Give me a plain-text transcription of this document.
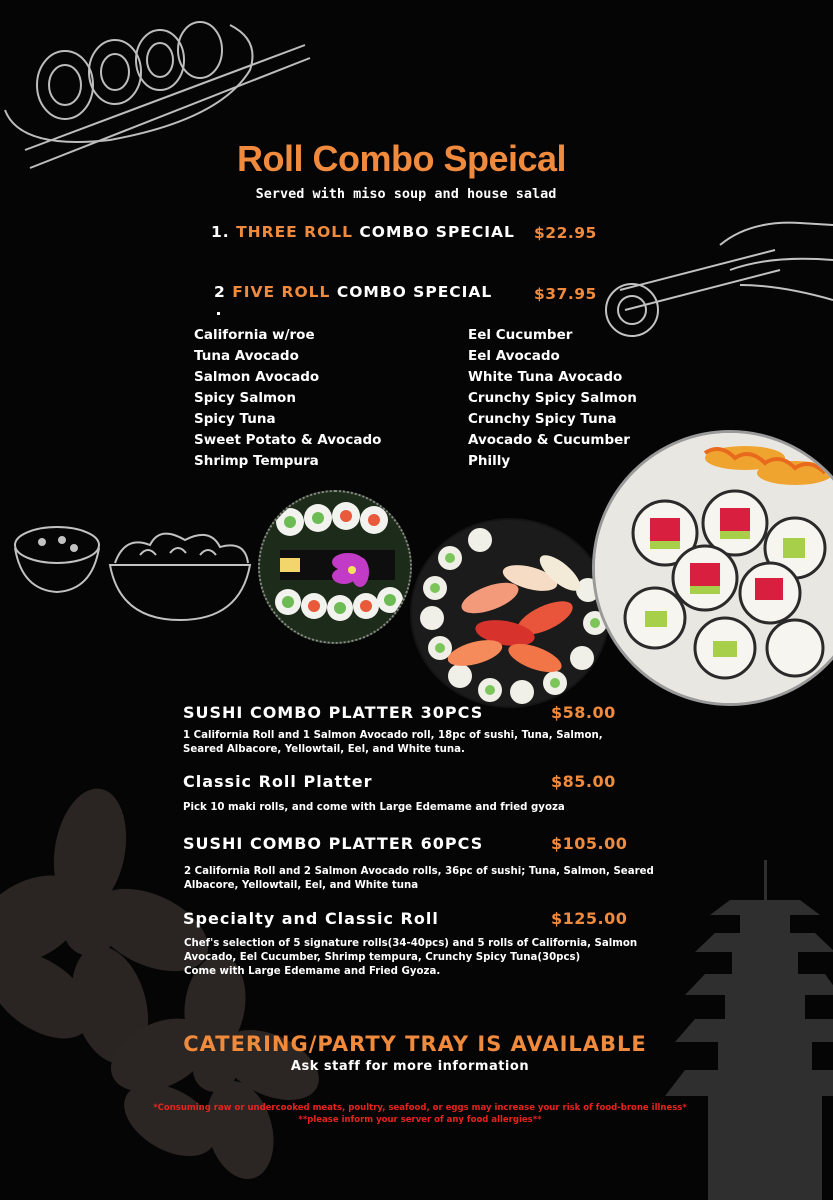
Roll Combo Speical
Served with miso soup and house salad
1. THREE ROLL COMBO SPECIAL $22.95
2 FIVE ROLL COMBO SPECIAL	$37.95
California w/roe
Tuna Avocado
Salmon Avocado
Spicy Salmon
Spicy Tuna
Sweet Potato & Avocado
Shrimp Tempura
Eel Cucumber
Eel Avocado
White Tuna Avocado
Crunchy Spicy Salmon
Crunchy Spicy Tuna
Avocado & Cucumber
Philly
SUSHI COMBO PLATTER 30PCS	$58.00
1 California Roll and 1 Salmon Avocado roll, 18pc of sushi, Tuna, Salmon,
Seared Albacore, Yellowtail, Eel, and White tuna.
Classic Roll Platter	$85.00
Pick 10 maki rolls, and come with Large Edemame and fried gyoza
SUSHI COMBO PLATTER 60PCS	$105.00
2 California Roll and 2 Salmon Avocado rolls, 36pc of sushi; Tuna, Salmon, Seared
Albacore, Yellowtail, Eel, and White tuna
Specialty and Classic Roll	$125.00
Chef's selection of 5 signature rolls(34-40pcs) and 5 rolls of California, Salmon
Avocado, Eel Cucumber, Shrimp tempura, Crunchy Spicy Tuna(30pcs)
Come with Large Edemame and Fried Gyoza.
CATERING/PARTY TRAY IS AVAILABLE
Ask staff for more information
*Consuming raw or undercooked meats, poultry, seafood, or eggs may increase your risk of food-brone illness* **please inform your server of any food allergies**
